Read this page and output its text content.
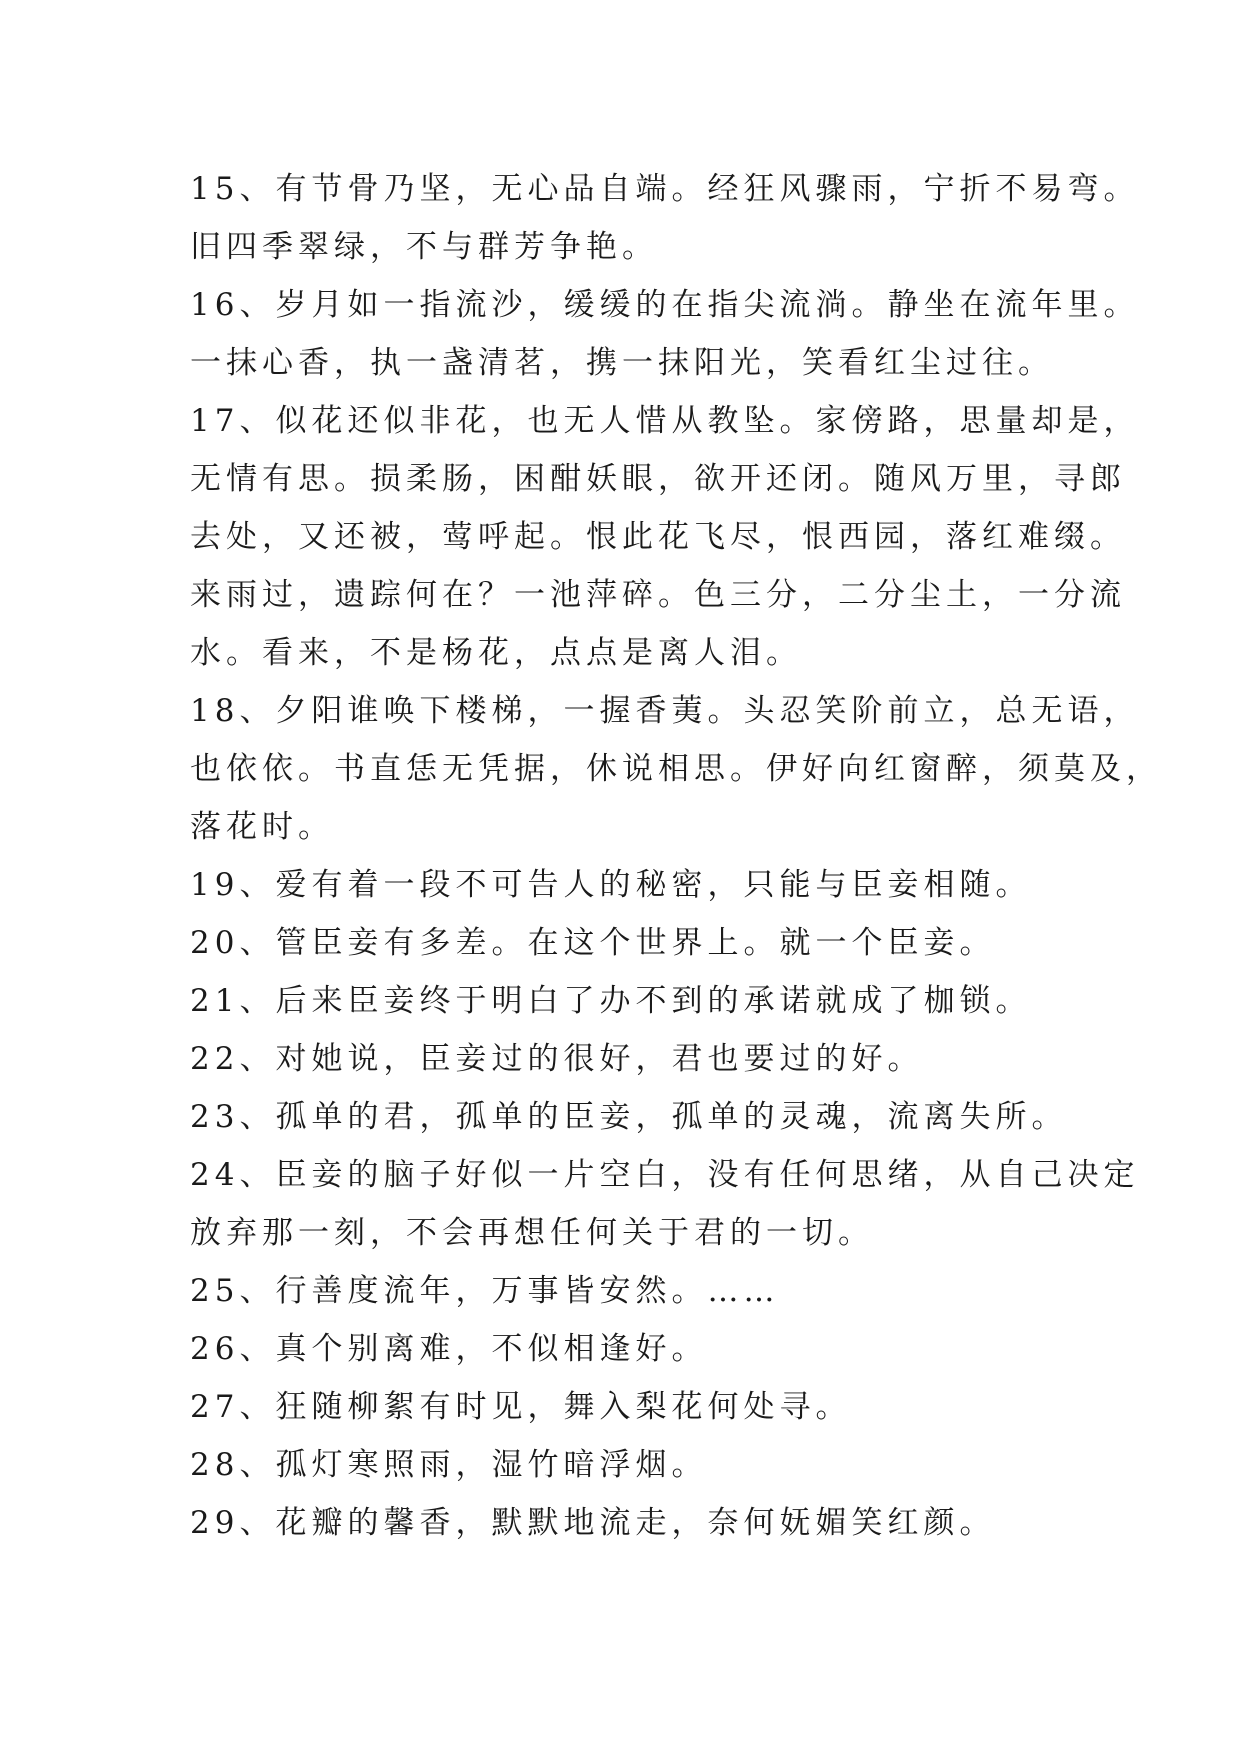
15、有节骨乃坚，无心品自端。经狂风骤雨，宁折不易弯。
旧四季翠绿，不与群芳争艳。
16、岁月如一指流沙，缓缓的在指尖流淌。静坐在流年里。
一抹心香，执一盏清茗，携一抹阳光，笑看红尘过往。
17、似花还似非花，也无人惜从教坠。家傍路，思量却是，
无情有思。损柔肠，困酣妖眼，欲开还闭。随风万里，寻郎
去处，又还被，莺呼起。恨此花飞尽，恨西园，落红难缀。
来雨过，遗踪何在？一池萍碎。色三分，二分尘土，一分流
水。看来，不是杨花，点点是离人泪。
18、夕阳谁唤下楼梯，一握香荑。头忍笑阶前立，总无语，
也依依。书直恁无凭据，休说相思。伊好向红窗醉，须莫及，
落花时。
19、爱有着一段不可告人的秘密，只能与臣妾相随。
20、管臣妾有多差。在这个世界上。就一个臣妾。
21、后来臣妾终于明白了办不到的承诺就成了枷锁。
22、对她说，臣妾过的很好，君也要过的好。
23、孤单的君，孤单的臣妾，孤单的灵魂，流离失所。
24、臣妾的脑子好似一片空白，没有任何思绪，从自己决定
放弃那一刻，不会再想任何关于君的一切。
25、行善度流年，万事皆安然。……
26、真个别离难，不似相逢好。
27、狂随柳絮有时见，舞入梨花何处寻。
28、孤灯寒照雨，湿竹暗浮烟。
29、花瓣的馨香，默默地流走，奈何妩媚笑红颜。
